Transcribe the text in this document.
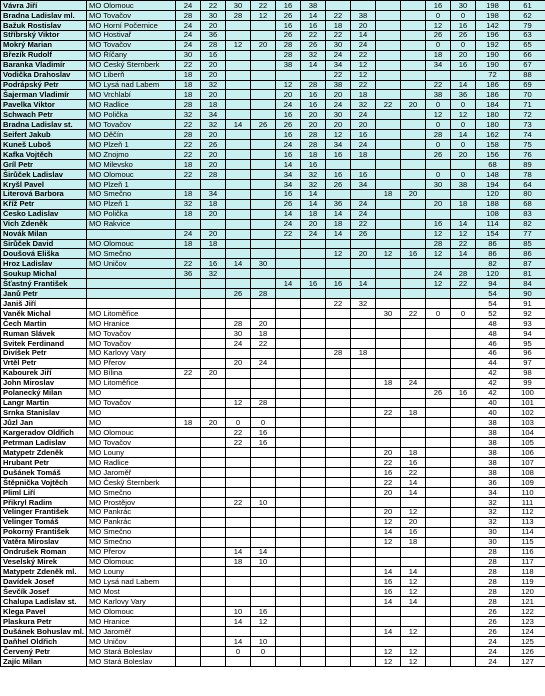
Vávra Jiří	MO Olomouc	24	22	30	22	16	38					16	30	198	61
Bradna Ladislav ml.	MO Tovačov	28	30	28	12	26	14	22	38			0	0	198	62
Bažuk Rostislav	MO Horní Počernice	24	20			16	16	18	20			12	16	142	79
Stříbrský Viktor	MO Hostivař	24	36			26	22	22	14			26	26	196	63
Mokrý Marian	MO Tovačov	24	28	12	20	28	26	30	24			0	0	192	65
Březík Rudolf	MO Říčany	30	16			28	32	24	22			18	20	190	66
Baranka Vladimír	MO Český Šternberk	22	20			38	14	34	12			34	16	190	67
Vodička Drahoslav	MO Liberň	18	20					22	12					72	88
Podrápský Petr	MO Lysá nad Labem	18	32			12	28	38	22			22	14	186	69
Šajerman Vladimír	MO Vrchlabí	18	20			20	16	20	18			38	36	186	70
Pavelka Viktor	MO Radlice	28	18			24	16	24	32	22	20	0	0	184	71
Schwach Petr	MO Polička	32	34			16	20	30	24			12	12	180	72
Bradna Ladislav st.	MO Tovačov	22	32	14	26	26	20	20	20			0	0	180	73
Seifert Jakub	MO Děčín	28	20			16	28	12	16			28	14	162	74
Kuneš Luboš	MO Plzeň 1	22	26			24	28	34	24			0	0	158	75
Kafka Vojtěch	MO Znojmo	22	20			16	18	16	18			26	20	156	76
Gríl Petr	MO Milevsko	18	20			14	16							68	89
Širůček Ladislav	MO Olomouc	22	28			34	32	16	16			0	0	148	78
Kryšl Pavel	MO Plzeň 1					34	32	26	34			30	38	194	64
Literová Barbora	MO Smečno	18	34			16	14			18	20			120	80
Kříž Petr	MO Plzeň 1	32	18			26	14	36	24			20	18	188	68
Česko Ladislav	MO Polička	18	20			14	18	14	24					108	83
Vich Zdeněk	MO Rakvice					24	20	18	22			16	14	114	82
Novák Milan		24	20			22	24	14	26			12	12	154	77
Širůček David	MO Olomouc	18	18									28	22	86	85
Doušová Eliška	MO Smečno							12	20	12	16	12	14	86	86
Hroz Ladislav	MO Uničov	22	16	14	30									82	87
Soukup Michal		36	32									24	28	120	81
Šťastný František						14	16	16	14			12	22	94	84
Janů Petr				26	28									54	90
Janiš Jiří								22	32					54	91
Vaněk Michal	MO Litoměřice									30	22	0	0	52	92
Čech Martin	MO Hranice			28	20									48	93
Ruman Slávek	MO Tovačov			30	18									48	94
Svitek Ferdinand	MO Tovačov			24	22									46	95
Divíšek Petr	MO Karlovy Vary							28	18					46	96
Vrtěl Petr	MO Přerov			20	24									44	97
Kabourek Jiří	MO Bílina	22	20											42	98
John Miroslav	MO Litoměřice									18	24			42	99
Polanecký Milan	MO											26	16	42	100
Langr Martin	MO Tovačov			12	28									40	101
Srnka Stanislav	MO									22	18			40	102
Jůzl Jan	MO	18	20	0	0									38	103
Kargeradov Oldřich	MO Olomouc			22	16									38	104
Petrman Ladislav	MO Tovačov			22	16									38	105
Matypetr Zdeněk	MO Louny									20	18			38	106
Hrubant Petr	MO Radlice									22	16			38	107
Dušánek Tomáš	MO Jaroměř									16	22			38	108
Štěpnička Vojtěch	MO Český Šternberk									22	14			36	109
Pliml Liří	MO Smečno									20	14			34	110
Přikryl Radim	MO Prostějov			22	10									32	111
Velinger František	MO Pankrác									20	12			32	112
Velinger Tomáš	MO Pankrác									12	20			32	113
Pokorný František	MO Smečno									14	16			30	114
Vatěra Miroslav	MO Smečno									12	18			30	115
Ondrušek Roman	MO Přerov			14	14									28	116
Veselský Mirek	MO Olomouc			18	10									28	117
Matypetr Zdeněk ml.	MO Louny									14	14			28	118
Davídek Josef	MO Lysá nad Labem									16	12			28	119
Ševčík Josef	MO Most									16	12			28	120
Chalupa Ladislav st.	MO Karlovy Vary									14	14			28	121
Klega Pavel	MO Olomouc			10	16									26	122
Plaskura Petr	MO Hranice			14	12									26	123
Dušánek Bohuslav ml.	MO Jaroměř									14	12			26	124
Daňhel Oldřich	MO Uničov			14	10									24	125
Červený Petr	MO Stará Boleslav			0	0					12	12			24	126
Zajíc Milan	MO Stará Boleslav									12	12			24	127
